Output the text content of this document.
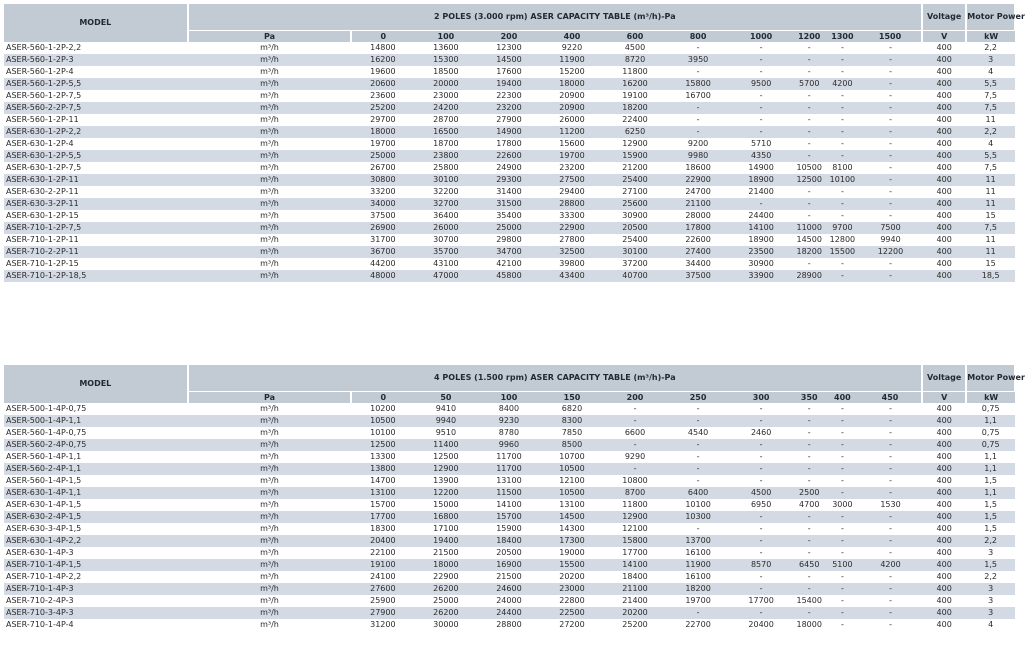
MODEL	2 POLES (3.000 rpm) ASER CAPACITY TABLE (m³/h)-Pa											Voltage	Motor Power
	Pa	0	100	200	400	600	800	1000	1200	1300	1500	V	kW
ASER-560-1-2P-2,2	m³/h	14800	13600	12300	9220	4500	-	-	-	-	-	400	2,2
ASER-560-1-2P-3	m³/h	16200	15300	14500	11900	8720	3950	-	-	-	-	400	3
ASER-560-1-2P-4	m³/h	19600	18500	17600	15200	11800	-	-	-	-	-	400	4
ASER-560-1-2P-5,5	m³/h	20600	20000	19400	18000	16200	15800	9500	5700	4200	-	400	5,5
ASER-560-1-2P-7,5	m³/h	23600	23000	22300	20900	19100	16700	-	-	-	-	400	7,5
ASER-560-2-2P-7,5	m³/h	25200	24200	23200	20900	18200	-	-	-	-	-	400	7,5
ASER-560-1-2P-11	m³/h	29700	28700	27900	26000	22400	-	-	-	-	-	400	11
ASER-630-1-2P-2,2	m³/h	18000	16500	14900	11200	6250	-	-	-	-	-	400	2,2
ASER-630-1-2P-4	m³/h	19700	18700	17800	15600	12900	9200	5710	-	-	-	400	4
ASER-630-1-2P-5,5	m³/h	25000	23800	22600	19700	15900	9980	4350	-	-	-	400	5,5
ASER-630-1-2P-7,5	m³/h	26700	25800	24900	23200	21200	18600	14900	10500	8100	-	400	7,5
ASER-630-1-2P-11	m³/h	30800	30100	29300	27500	25400	22900	18900	12500	10100	-	400	11
ASER-630-2-2P-11	m³/h	33200	32200	31400	29400	27100	24700	21400	-	-	-	400	11
ASER-630-3-2P-11	m³/h	34000	32700	31500	28800	25600	21100	-	-	-	-	400	11
ASER-630-1-2P-15	m³/h	37500	36400	35400	33300	30900	28000	24400	-	-	-	400	15
ASER-710-1-2P-7,5	m³/h	26900	26000	25000	22900	20500	17800	14100	11000	9700	7500	400	7,5
ASER-710-1-2P-11	m³/h	31700	30700	29800	27800	25400	22600	18900	14500	12800	9940	400	11
ASER-710-2-2P-11	m³/h	36700	35700	34700	32500	30100	27400	23500	18200	15500	12200	400	11
ASER-710-1-2P-15	m³/h	44200	43100	42100	39800	37200	34400	30900	-	-	-	400	15
ASER-710-1-2P-18,5	m³/h	48000	47000	45800	43400	40700	37500	33900	28900	-	-	400	18,5
MODEL	4 POLES (1.500 rpm) ASER CAPACITY TABLE (m³/h)-Pa											Voltage	Motor Power
	Pa	0	50	100	150	200	250	300	350	400	450	V	kW
ASER-500-1-4P-0,75	m³/h	10200	9410	8400	6820	-	-	-	-	-	-	400	0,75
ASER-500-1-4P-1,1	m³/h	10500	9940	9230	8300	-	-	-	-	-	-	400	1,1
ASER-560-1-4P-0,75	m³/h	10100	9510	8780	7850	6600	4540	2460	-	-	-	400	0,75
ASER-560-2-4P-0,75	m³/h	12500	11400	9960	8500	-	-	-	-	-	-	400	0,75
ASER-560-1-4P-1,1	m³/h	13300	12500	11700	10700	9290	-	-	-	-	-	400	1,1
ASER-560-2-4P-1,1	m³/h	13800	12900	11700	10500	-	-	-	-	-	-	400	1,1
ASER-560-1-4P-1,5	m³/h	14700	13900	13100	12100	10800	-	-	-	-	-	400	1,5
ASER-630-1-4P-1,1	m³/h	13100	12200	11500	10500	8700	6400	4500	2500	-	-	400	1,1
ASER-630-1-4P-1,5	m³/h	15700	15000	14100	13100	11800	10100	6950	4700	3000	1530	400	1,5
ASER-630-2-4P-1,5	m³/h	17700	16800	15700	14500	12900	10300	-	-	-	-	400	1,5
ASER-630-3-4P-1,5	m³/h	18300	17100	15900	14300	12100	-	-	-	-	-	400	1,5
ASER-630-1-4P-2,2	m³/h	20400	19400	18400	17300	15800	13700	-	-	-	-	400	2,2
ASER-630-1-4P-3	m³/h	22100	21500	20500	19000	17700	16100	-	-	-	-	400	3
ASER-710-1-4P-1,5	m³/h	19100	18000	16900	15500	14100	11900	8570	6450	5100	4200	400	1,5
ASER-710-1-4P-2,2	m³/h	24100	22900	21500	20200	18400	16100	-	-	-	-	400	2,2
ASER-710-1-4P-3	m³/h	27600	26200	24600	23000	21100	18200	-	-	-	-	400	3
ASER-710-2-4P-3	m³/h	25900	25000	24000	22800	21400	19700	17700	15400	-	-	400	3
ASER-710-3-4P-3	m³/h	27900	26200	24400	22500	20200	-	-	-	-	-	400	3
ASER-710-1-4P-4	m³/h	31200	30000	28800	27200	25200	22700	20400	18000	-	-	400	4
